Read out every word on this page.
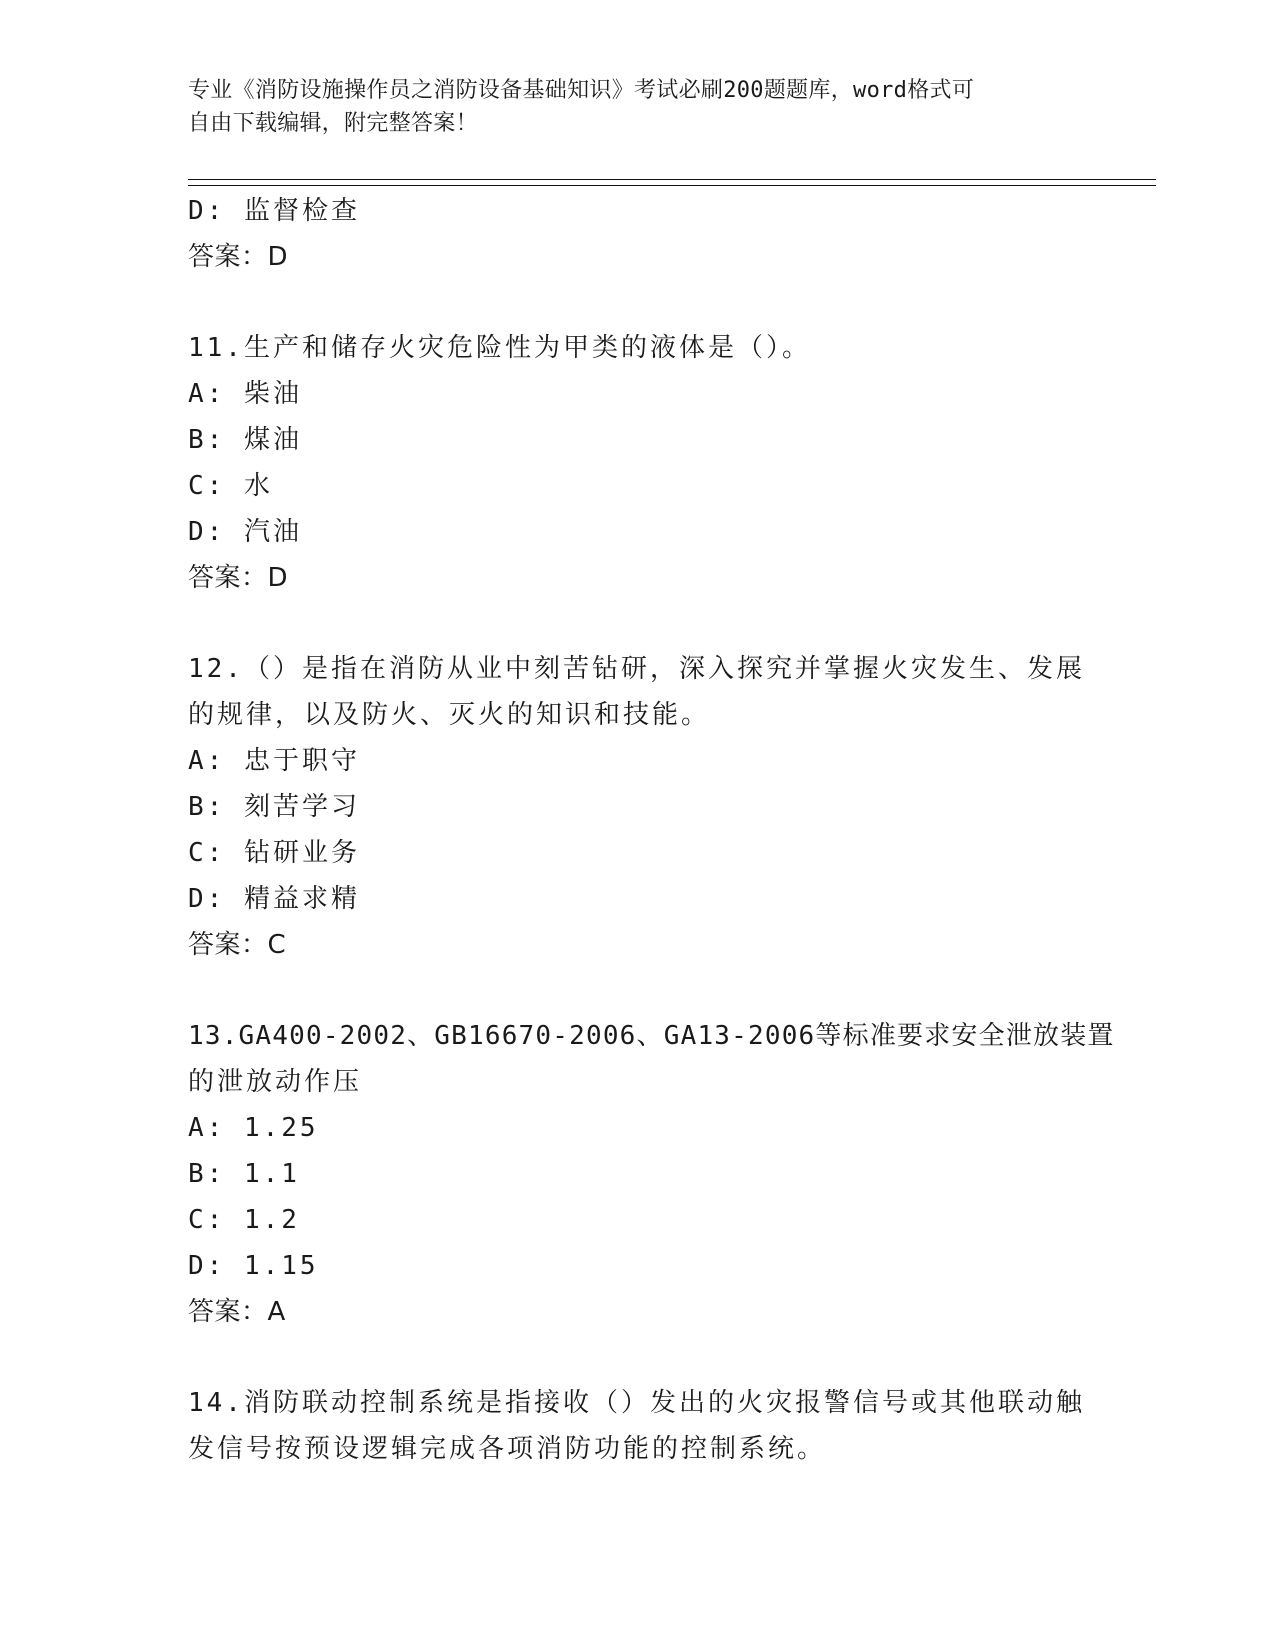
专业《消防设施操作员之消防设备基础知识》考试必刷200题题库，word格式可
自由下载编辑，附完整答案！
D: 监督检查
答案：D
11.生产和储存火灾危险性为甲类的液体是（）。
A: 柴油
B: 煤油
C: 水
D: 汽油
答案：D
12.（）是指在消防从业中刻苦钻研，深入探究并掌握火灾发生、发展
的规律，以及防火、灭火的知识和技能。
A: 忠于职守
B: 刻苦学习
C: 钻研业务
D: 精益求精
答案：C
13.GA400-2002、GB16670-2006、GA13-2006等标准要求安全泄放装置
的泄放动作压
A: 1.25
B: 1.1
C: 1.2
D: 1.15
答案：A
14.消防联动控制系统是指接收（）发出的火灾报警信号或其他联动触
发信号按预设逻辑完成各项消防功能的控制系统。
